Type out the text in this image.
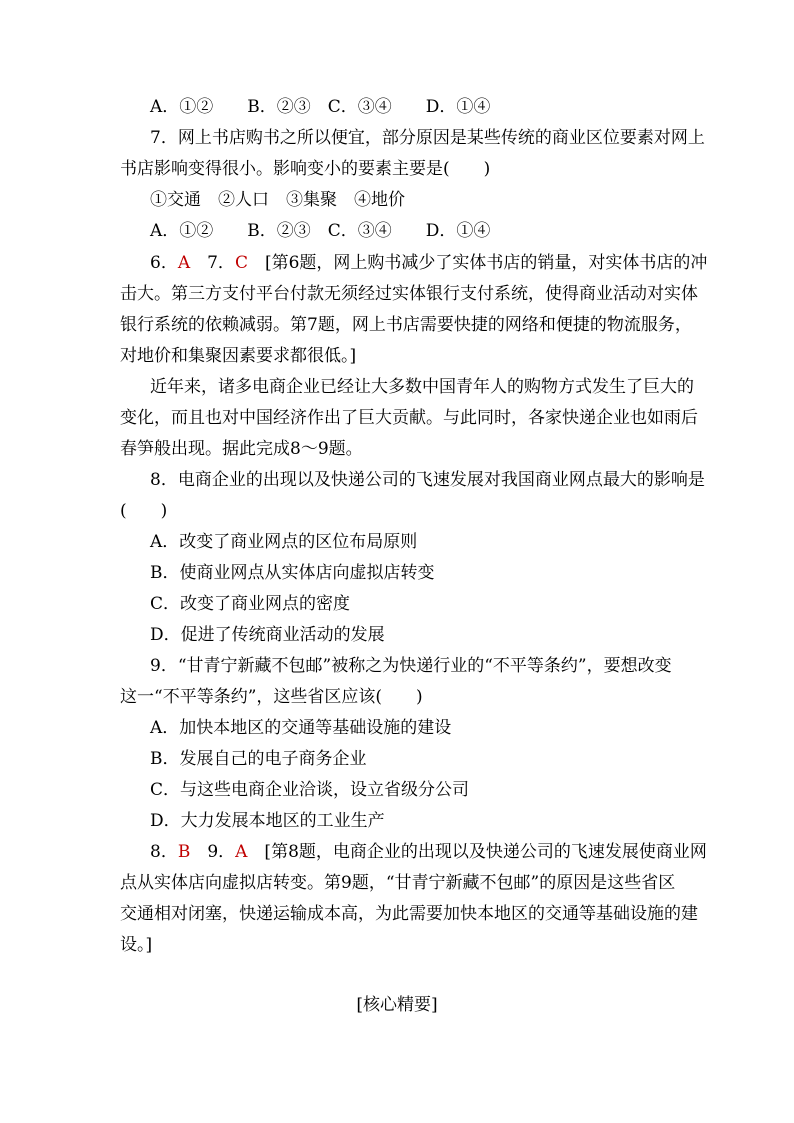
A．①②　　B．②③　C．③④　　D．①④
7．网上书店购书之所以便宜，部分原因是某些传统的商业区位要素对网上
书店影响变得很小。影响变小的要素主要是(　　)
①交通　②人口　③集聚　④地价
A．①②　　B．②③　C．③④　　D．①④
6．A　7．C　[第6题，网上购书减少了实体书店的销量，对实体书店的冲
击大。第三方支付平台付款无须经过实体银行支付系统，使得商业活动对实体
银行系统的依赖减弱。第7题，网上书店需要快捷的网络和便捷的物流服务，
对地价和集聚因素要求都很低。]
近年来，诸多电商企业已经让大多数中国青年人的购物方式发生了巨大的
变化，而且也对中国经济作出了巨大贡献。与此同时，各家快递企业也如雨后
春笋般出现。据此完成8～9题。
8．电商企业的出现以及快递公司的飞速发展对我国商业网点最大的影响是
(　　)
A．改变了商业网点的区位布局原则
B．使商业网点从实体店向虚拟店转变
C．改变了商业网点的密度
D．促进了传统商业活动的发展
9．“甘青宁新藏不包邮”被称之为快递行业的“不平等条约”，要想改变
这一“不平等条约”，这些省区应该(　　)
A．加快本地区的交通等基础设施的建设
B．发展自己的电子商务企业
C．与这些电商企业洽谈，设立省级分公司
D．大力发展本地区的工业生产
8．B　9．A　[第8题，电商企业的出现以及快递公司的飞速发展使商业网
点从实体店向虚拟店转变。第9题，“甘青宁新藏不包邮”的原因是这些省区
交通相对闭塞，快递运输成本高，为此需要加快本地区的交通等基础设施的建
设。]
[核心精要]
